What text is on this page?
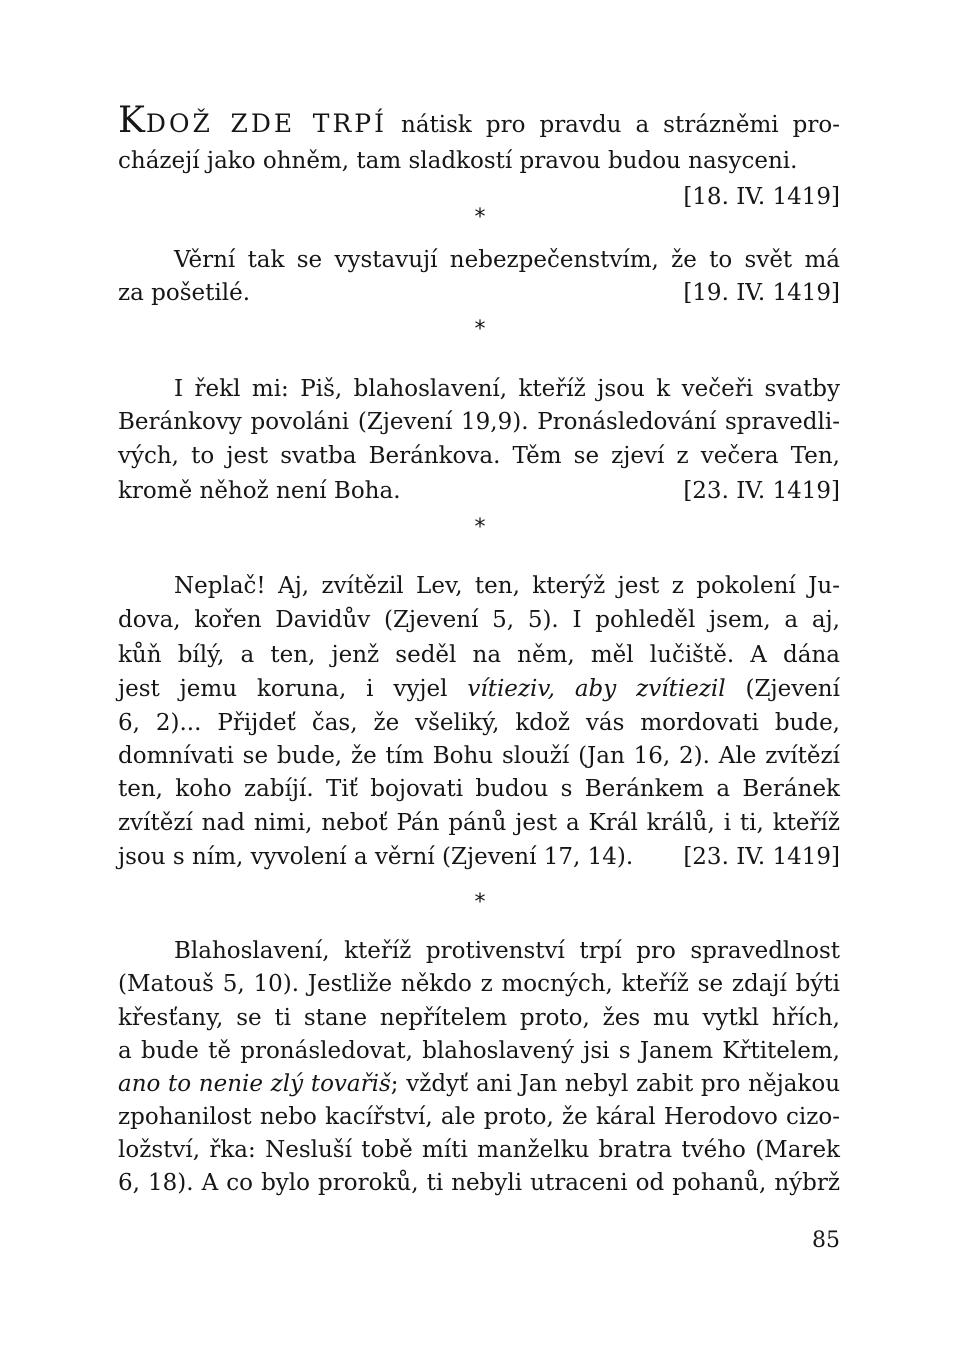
KDOŽ ZDE TRPÍ nátisk pro pravdu a strázněmi pro-
cházejí jako ohněm, tam sladkostí pravou budou nasyceni.
[18. IV. 1419]
*
Věrní tak se vystavují nebezpečenstvím, že to svět má
za pošetilé.	[19. IV. 1419]
*
I řekl mi: Piš, blahoslavení, kteříž jsou k večeři svatby
Beránkovy povoláni (Zjevení 19,9). Pronásledování spravedli-
vých, to jest svatba Beránkova. Těm se zjeví z večera Ten,
kromě něhož není Boha.	[23. IV. 1419]
*
Neplač! Aj, zvítězil Lev, ten, kterýž jest z pokolení Ju-
dova, kořen Davidův (Zjevení 5, 5). I pohleděl jsem, a aj,
kůň bílý, a ten, jenž seděl na něm, měl lučiště. A dána
jest jemu koruna, i vyjel vítieziv, aby zvítiezil (Zjevení
6, 2)... Přijdeť čas, že všeliký, kdož vás mordovati bude,
domnívati se bude, že tím Bohu slouží (Jan 16, 2). Ale zvítězí
ten, koho zabíjí. Tiť bojovati budou s Beránkem a Beránek
zvítězí nad nimi, neboť Pán pánů jest a Král králů, i ti, kteříž
jsou s ním, vyvolení a věrní (Zjevení 17, 14). [23. IV. 1419]
*
Blahoslavení, kteříž protivenství trpí pro spravedlnost
(Matouš 5, 10). Jestliže někdo z mocných, kteříž se zdají býti
křesťany, se ti stane nepřítelem proto, žes mu vytkl hřích,
a bude tě pronásledovat, blahoslavený jsi s Janem Křtitelem,
ano to nenie zlý tovařiš; vždyť ani Jan nebyl zabit pro nějakou
zpohanilost nebo kacířství, ale proto, že káral Herodovo cizo-
ložství, řka: Nesluší tobě míti manželku bratra tvého (Marek
6, 18). A co bylo proroků, ti nebyli utraceni od pohanů, nýbrž
85
